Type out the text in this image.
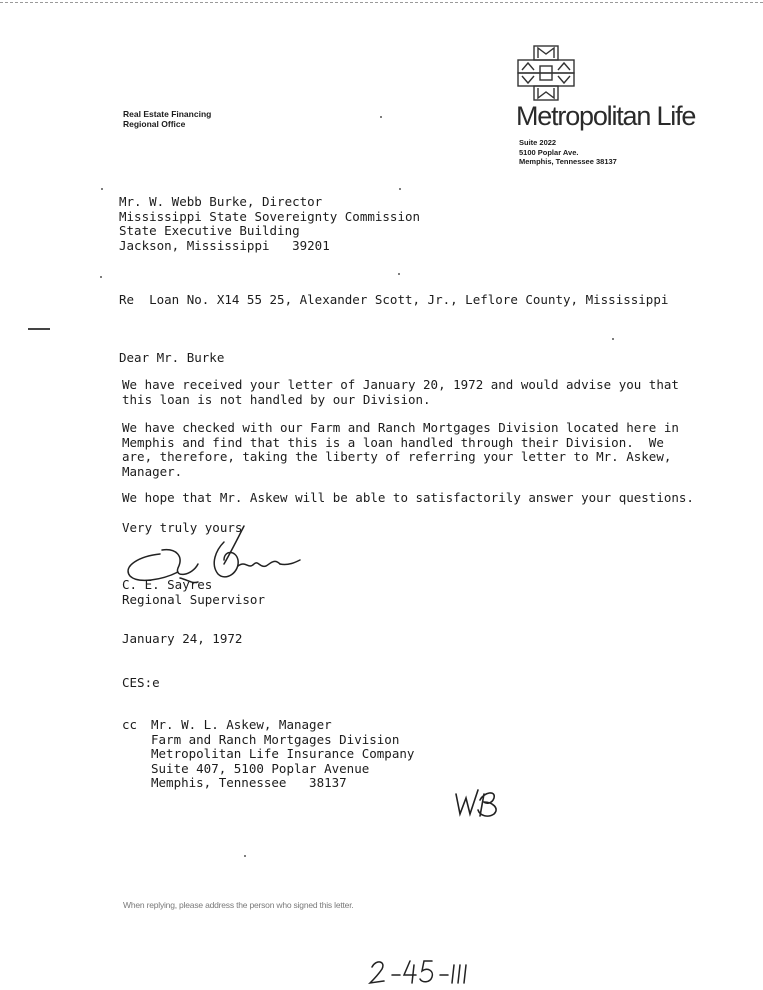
Real Estate Financing
Regional Office	Metropolitan Life
Suite 2022
5100 Poplar Ave.
Memphis, Tennessee 38137
Mr. W. Webb Burke, Director
Mississippi State Sovereignty Commission
State Executive Building
Jackson, Mississippi   39201
Re  Loan No. X14 55 25, Alexander Scott, Jr., Leflore County, Mississippi
Dear Mr. Burke
We have received your letter of January 20, 1972 and would advise you that
this loan is not handled by our Division.
We have checked with our Farm and Ranch Mortgages Division located here in
Memphis and find that this is a loan handled through their Division.  We
are, therefore, taking the liberty of referring your letter to Mr. Askew,
Manager.
We hope that Mr. Askew will be able to satisfactorily answer your questions.
Very truly yours
C. E. Sayres
Regional Supervisor
January 24, 1972
CES:e
cc Mr. W. L. Askew, Manager
Farm and Ranch Mortgages Division
Metropolitan Life Insurance Company
Suite 407, 5100 Poplar Avenue
Memphis, Tennessee   38137
When replying, please address the person who signed this letter.
